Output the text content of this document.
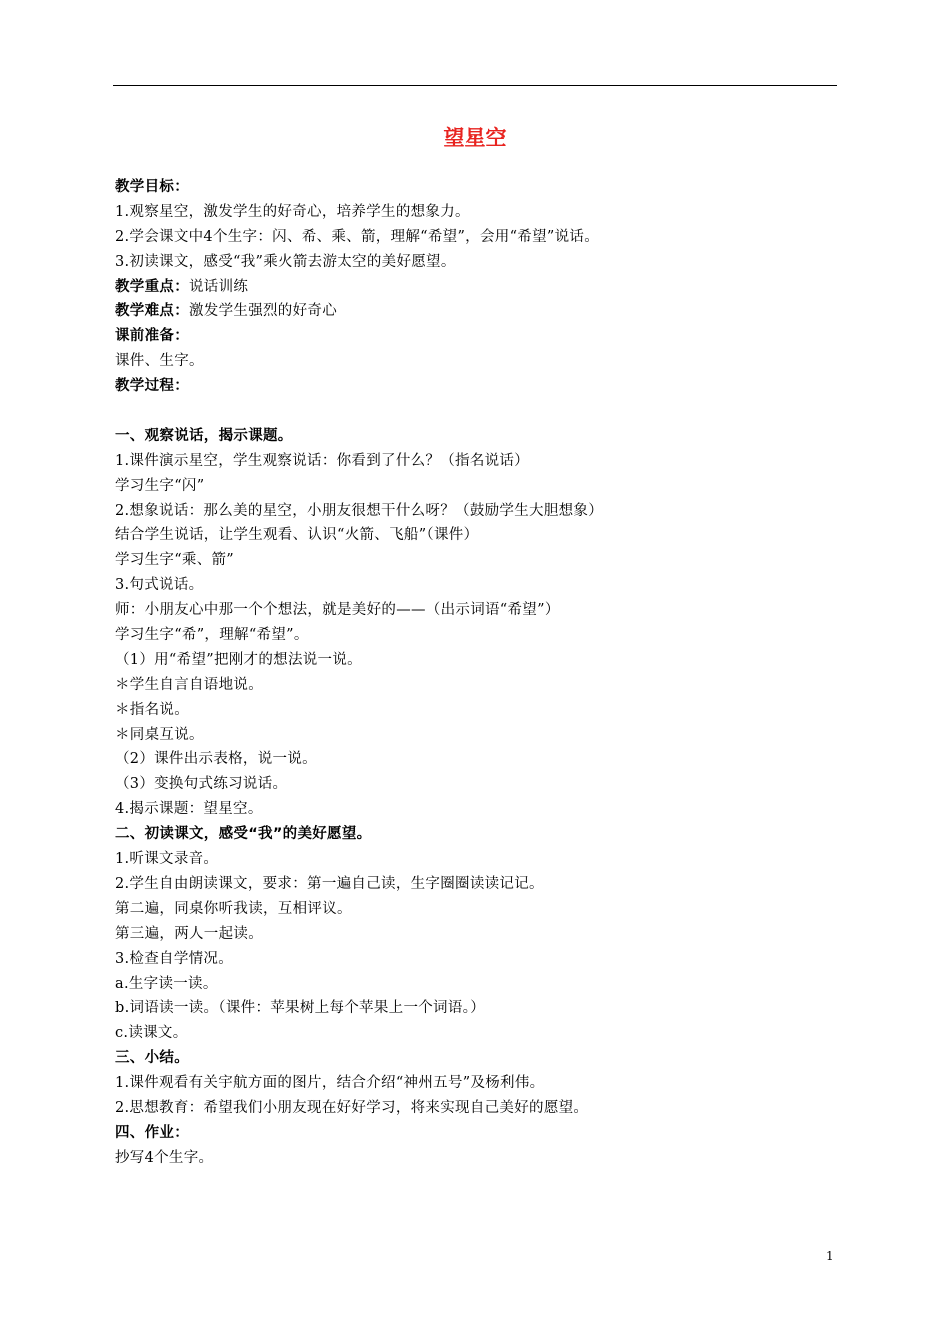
望星空
教学目标：
1.观察星空，激发学生的好奇心，培养学生的想象力。
2.学会课文中4个生字：闪、希、乘、箭，理解“希望”，会用“希望”说话。
3.初读课文，感受“我”乘火箭去游太空的美好愿望。
教学重点：说话训练
教学难点：激发学生强烈的好奇心
课前准备：
课件、生字。
教学过程：
一、观察说话，揭示课题。
1.课件演示星空，学生观察说话：你看到了什么？（指名说话）
学习生字“闪”
2.想象说话：那么美的星空，小朋友很想干什么呀？（鼓励学生大胆想象）
结合学生说话，让学生观看、认识“火箭、飞船”（课件）
学习生字“乘、箭”
3.句式说话。
师：小朋友心中那一个个想法，就是美好的——（出示词语“希望”）
学习生字“希”，理解“希望”。
（1）用“希望”把刚才的想法说一说。
＊学生自言自语地说。
＊指名说。
＊同桌互说。
（2）课件出示表格，说一说。
（3）变换句式练习说话。
4.揭示课题：望星空。
二、初读课文，感受“我”的美好愿望。
1.听课文录音。
2.学生自由朗读课文，要求：第一遍自己读，生字圈圈读读记记。
第二遍，同桌你听我读，互相评议。
第三遍，两人一起读。
3.检查自学情况。
a.生字读一读。
b.词语读一读。（课件：苹果树上每个苹果上一个词语。）
c.读课文。
三、小结。
1.课件观看有关宇航方面的图片，结合介绍“神州五号”及杨利伟。
2.思想教育：希望我们小朋友现在好好学习，将来实现自己美好的愿望。
四、作业：
抄写4个生字。
1
